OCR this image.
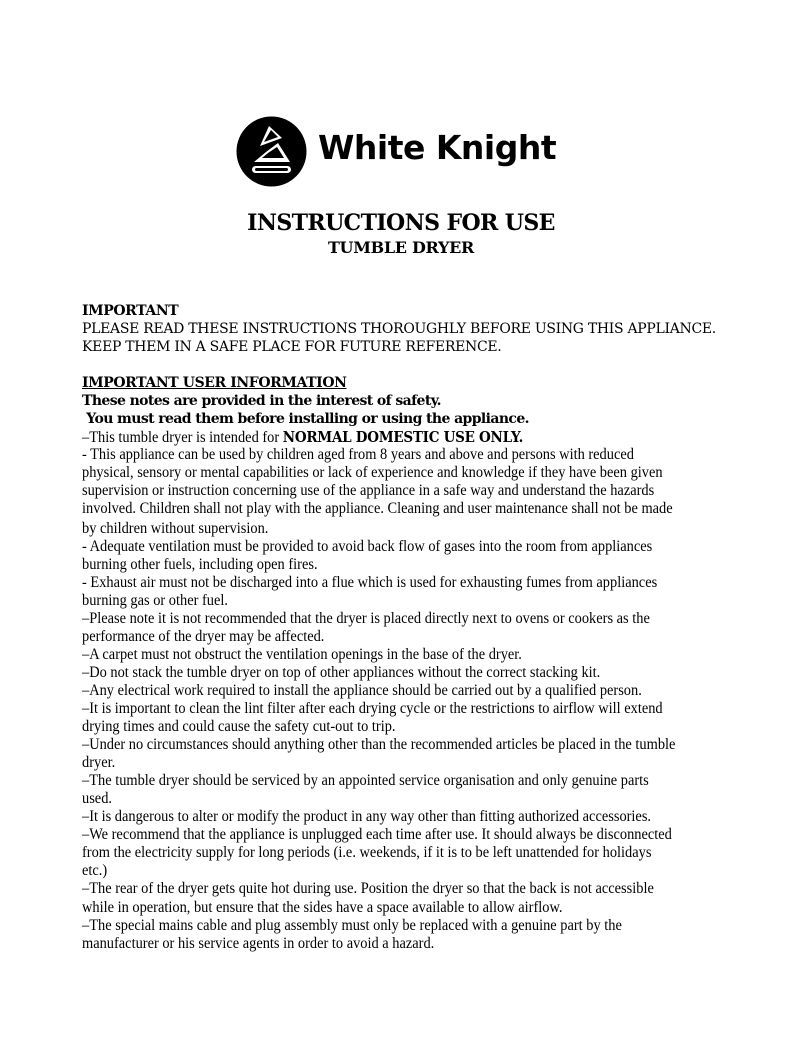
White Knight
INSTRUCTIONS FOR USE
TUMBLE DRYER
IMPORTANT
PLEASE READ THESE INSTRUCTIONS THOROUGHLY BEFORE USING THIS APPLIANCE.
KEEP THEM IN A SAFE PLACE FOR FUTURE REFERENCE.
IMPORTANT USER INFORMATION
These notes are provided in the interest of safety.
You must read them before installing or using the appliance.
–This tumble dryer is intended for NORMAL DOMESTIC USE ONLY.
- This appliance can be used by children aged from 8 years and above and persons with reduced
physical, sensory or mental capabilities or lack of experience and knowledge if they have been given
supervision or instruction concerning use of the appliance in a safe way and understand the hazards
involved. Children shall not play with the appliance. Cleaning and user maintenance shall not be made
by children without supervision.
- Adequate ventilation must be provided to avoid back flow of gases into the room from appliances
burning other fuels, including open fires.
- Exhaust air must not be discharged into a flue which is used for exhausting fumes from appliances
burning gas or other fuel.
–Please note it is not recommended that the dryer is placed directly next to ovens or cookers as the
performance of the dryer may be affected.
–A carpet must not obstruct the ventilation openings in the base of the dryer.
–Do not stack the tumble dryer on top of other appliances without the correct stacking kit.
–Any electrical work required to install the appliance should be carried out by a qualified person.
–It is important to clean the lint filter after each drying cycle or the restrictions to airflow will extend
drying times and could cause the safety cut-out to trip.
–Under no circumstances should anything other than the recommended articles be placed in the tumble
dryer.
–The tumble dryer should be serviced by an appointed service organisation and only genuine parts
used.
–It is dangerous to alter or modify the product in any way other than fitting authorized accessories.
–We recommend that the appliance is unplugged each time after use. It should always be disconnected
from the electricity supply for long periods (i.e. weekends, if it is to be left unattended for holidays
etc.)
–The rear of the dryer gets quite hot during use. Position the dryer so that the back is not accessible
while in operation, but ensure that the sides have a space available to allow airflow.
–The special mains cable and plug assembly must only be replaced with a genuine part by the
manufacturer or his service agents in order to avoid a hazard.
